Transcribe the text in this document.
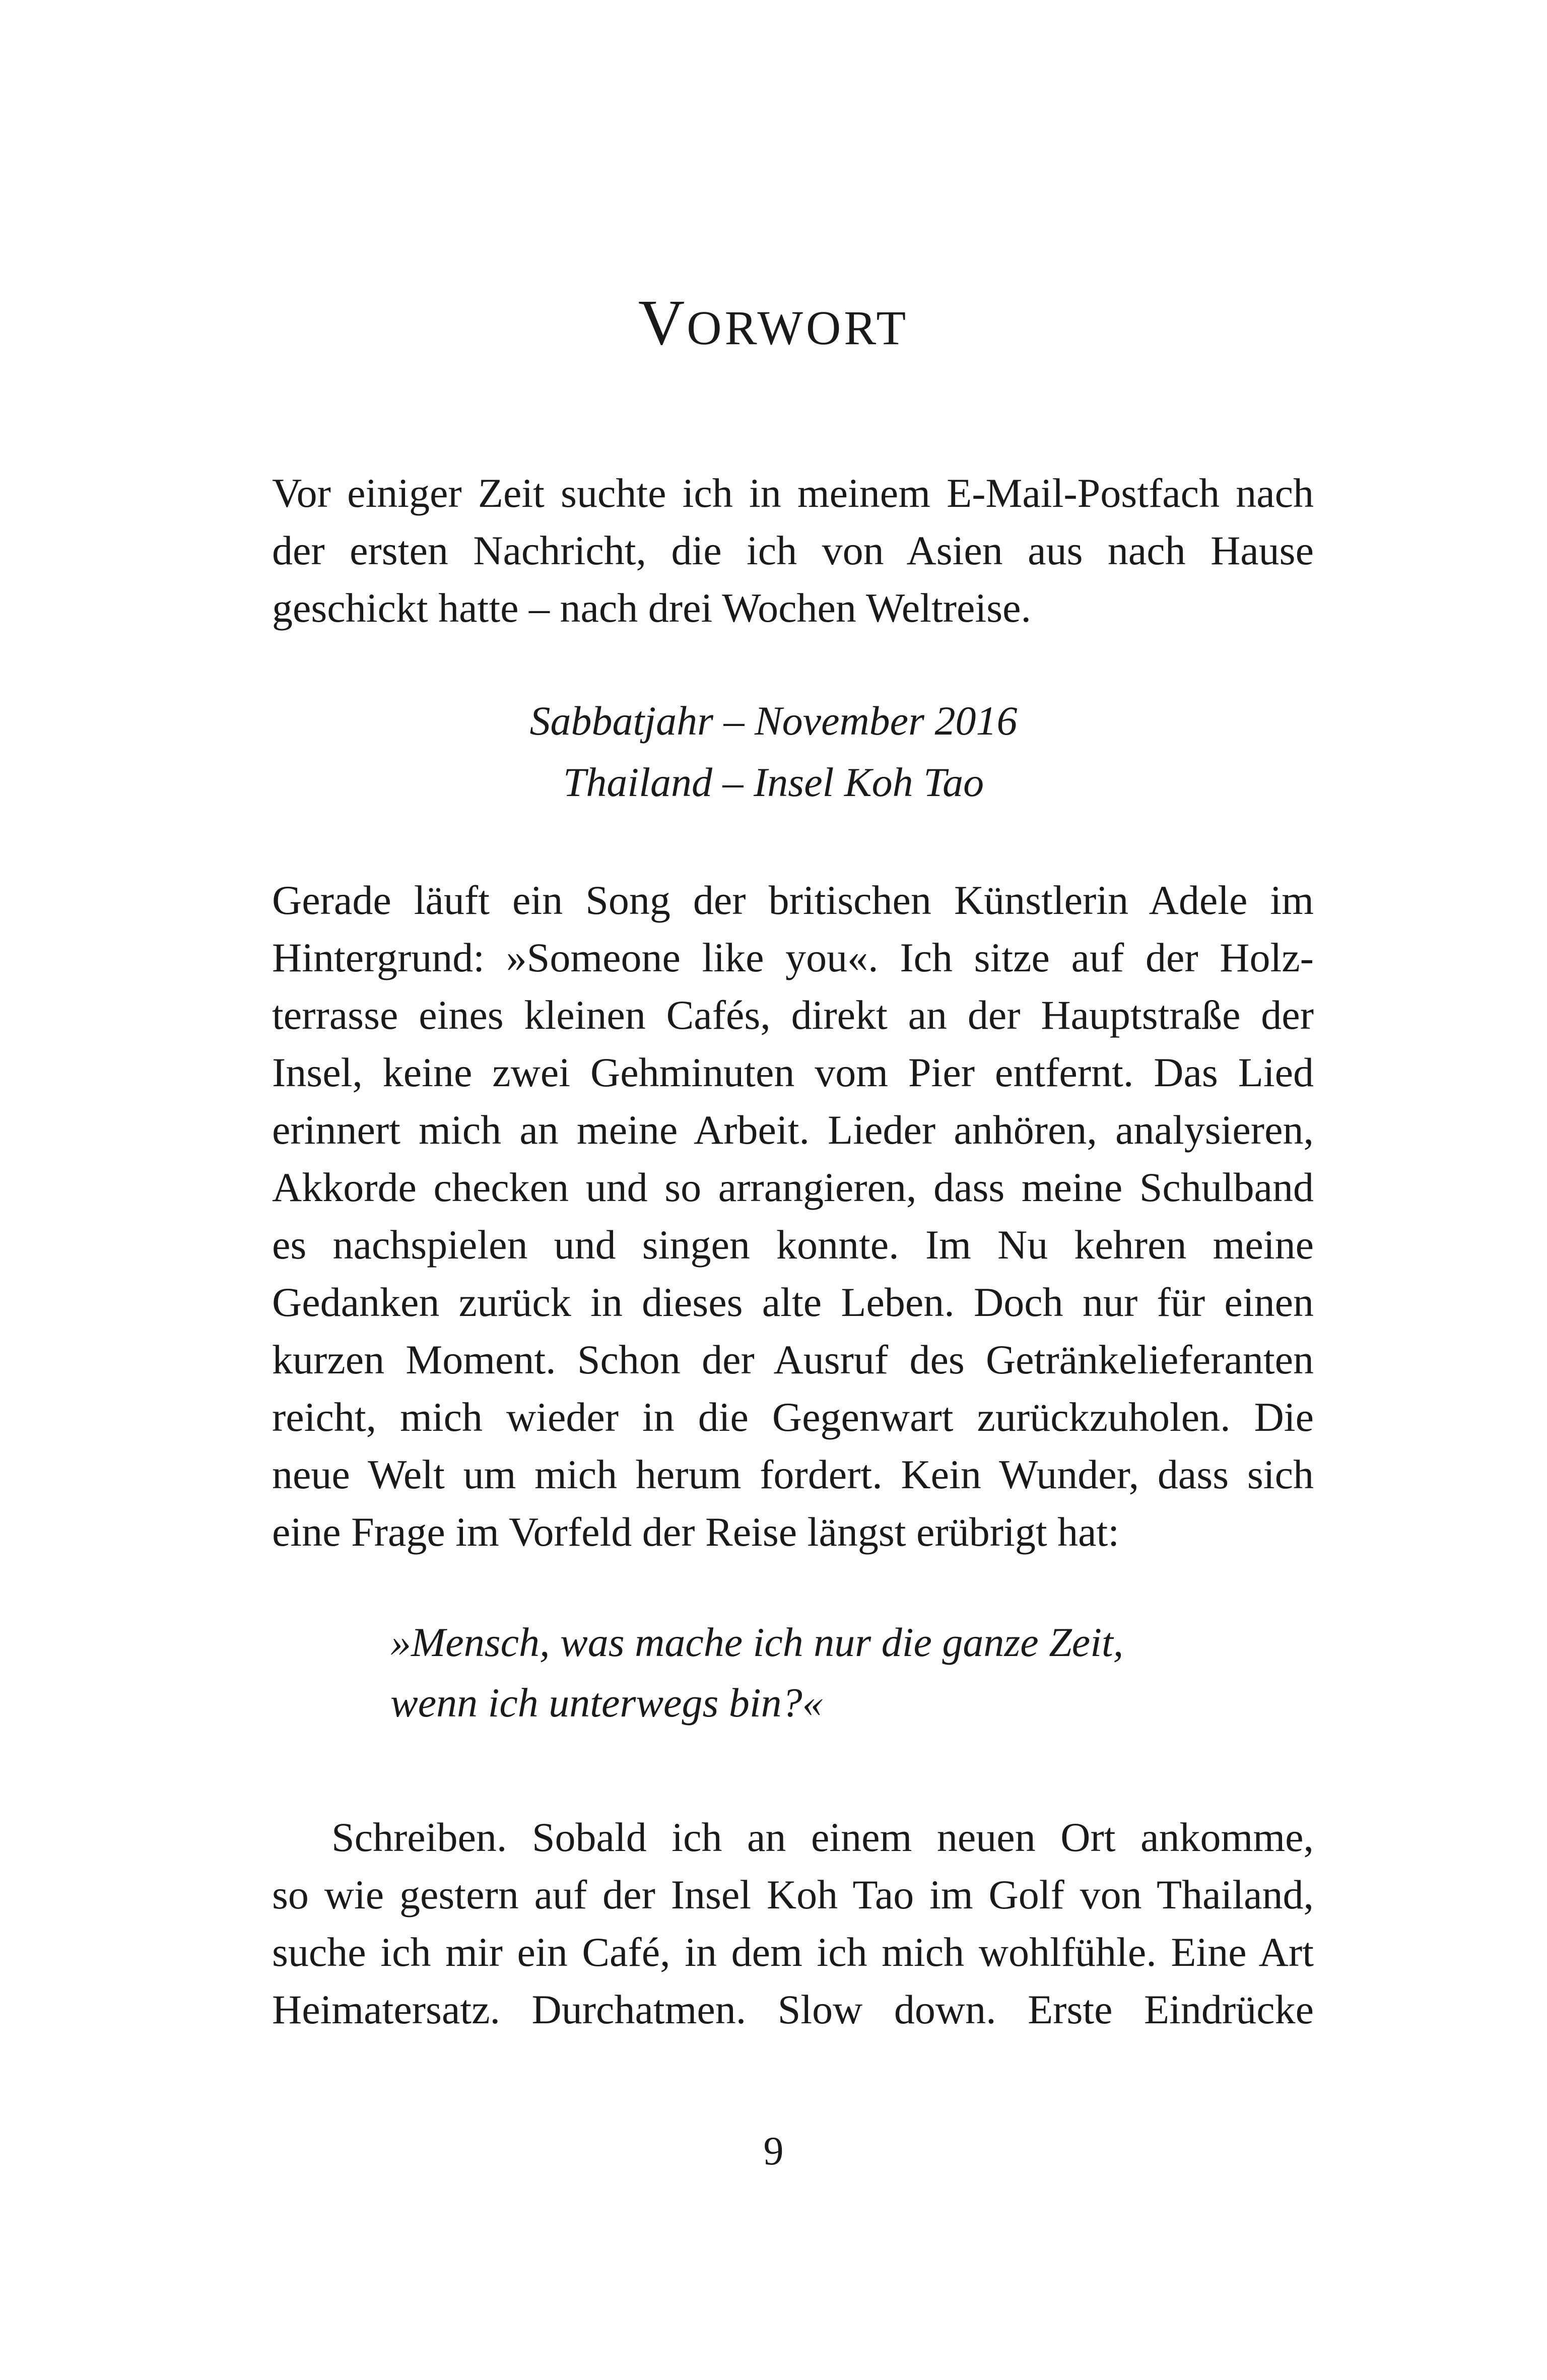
VORWORT
Vor einiger Zeit suchte ich in meinem E-Mail-Postfach nach
der ersten Nachricht, die ich von Asien aus nach Hause
geschickt hatte – nach drei Wochen Weltreise.
Sabbatjahr – November 2016
Thailand – Insel Koh Tao
Gerade läuft ein Song der britischen Künstlerin Adele im
Hintergrund: »Someone like you«. Ich sitze auf der Holz-
terrasse eines kleinen Cafés, direkt an der Hauptstraße der
Insel, keine zwei Gehminuten vom Pier entfernt. Das Lied
erinnert mich an meine Arbeit. Lieder anhören, analysieren,
Akkorde checken und so arrangieren, dass meine Schulband
es nachspielen und singen konnte. Im Nu kehren meine
Gedanken zurück in dieses alte Leben. Doch nur für einen
kurzen Moment. Schon der Ausruf des Getränkelieferanten
reicht, mich wieder in die Gegenwart zurückzuholen. Die
neue Welt um mich herum fordert. Kein Wunder, dass sich
eine Frage im Vorfeld der Reise längst erübrigt hat:
»Mensch, was mache ich nur die ganze Zeit,
wenn ich unterwegs bin?«
Schreiben. Sobald ich an einem neuen Ort ankomme,
so wie gestern auf der Insel Koh Tao im Golf von Thailand,
suche ich mir ein Café, in dem ich mich wohlfühle. Eine Art
Heimatersatz. Durchatmen. Slow down. Erste Eindrücke
9
